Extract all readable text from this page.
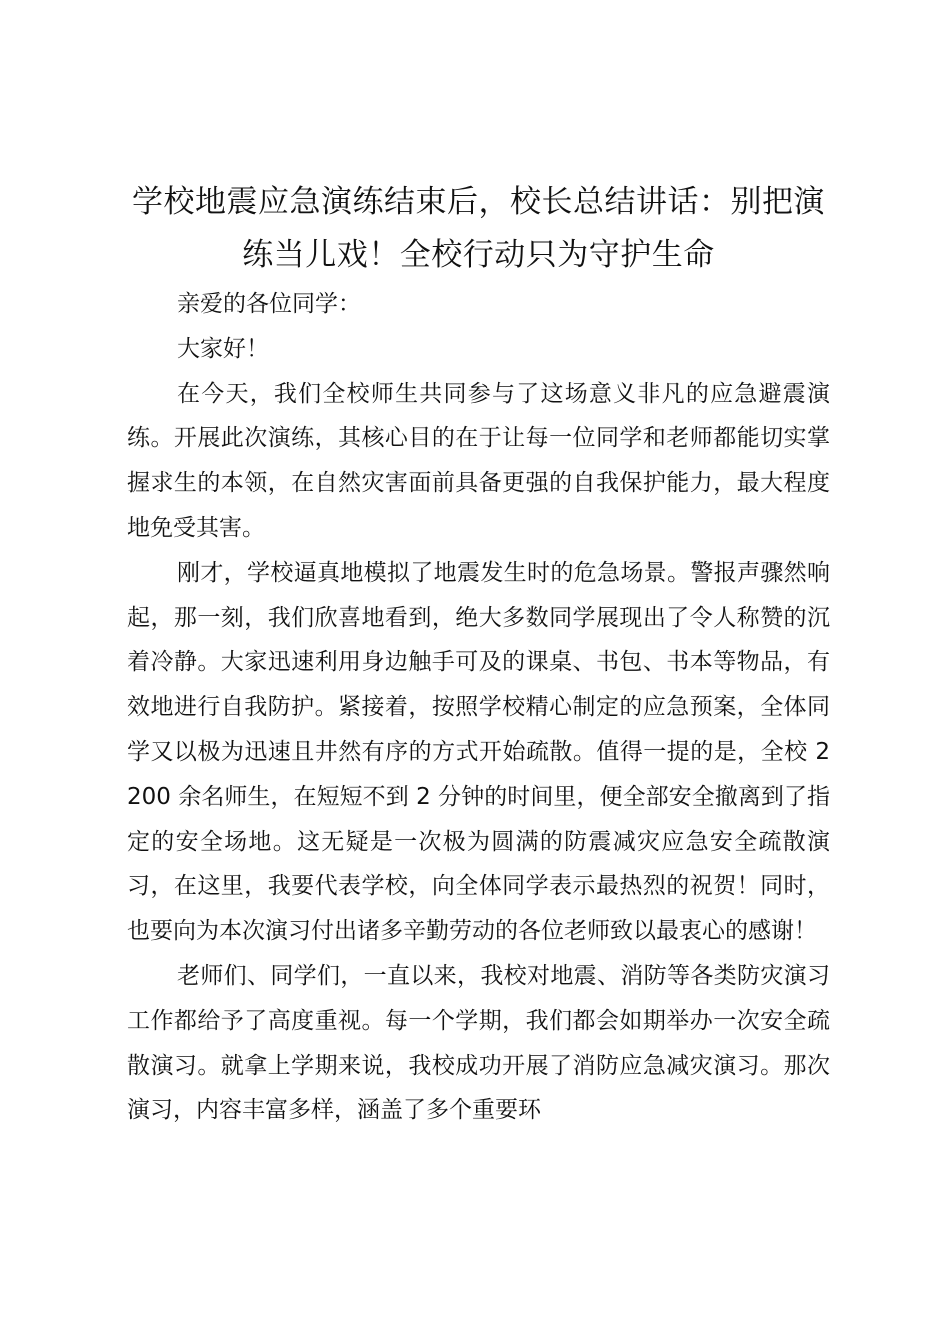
学校地震应急演练结束后，校长总结讲话：别把演练当儿戏！全校行动只为守护生命

亲爱的各位同学：

大家好！

在今天，我们全校师生共同参与了这场意义非凡的应急避震演练。开展此次演练，其核心目的在于让每一位同学和老师都能切实掌握求生的本领，在自然灾害面前具备更强的自我保护能力，最大程度地免受其害。

刚才，学校逼真地模拟了地震发生时的危急场景。警报声骤然响起，那一刻，我们欣喜地看到，绝大多数同学展现出了令人称赞的沉着冷静。大家迅速利用身边触手可及的课桌、书包、书本等物品，有效地进行自我防护。紧接着，按照学校精心制定的应急预案，全体同学又以极为迅速且井然有序的方式开始疏散。值得一提的是，全校 2200 余名师生，在短短不到 2 分钟的时间里，便全部安全撤离到了指定的安全场地。这无疑是一次极为圆满的防震减灾应急安全疏散演习，在这里，我要代表学校，向全体同学表示最热烈的祝贺！同时，也要向为本次演习付出诸多辛勤劳动的各位老师致以最衷心的感谢！

老师们、同学们，一直以来，我校对地震、消防等各类防灾演习工作都给予了高度重视。每一个学期，我们都会如期举办一次安全疏散演习。就拿上学期来说，我校成功开展了消防应急减灾演习。那次演习，内容丰富多样，涵盖了多个重要环
